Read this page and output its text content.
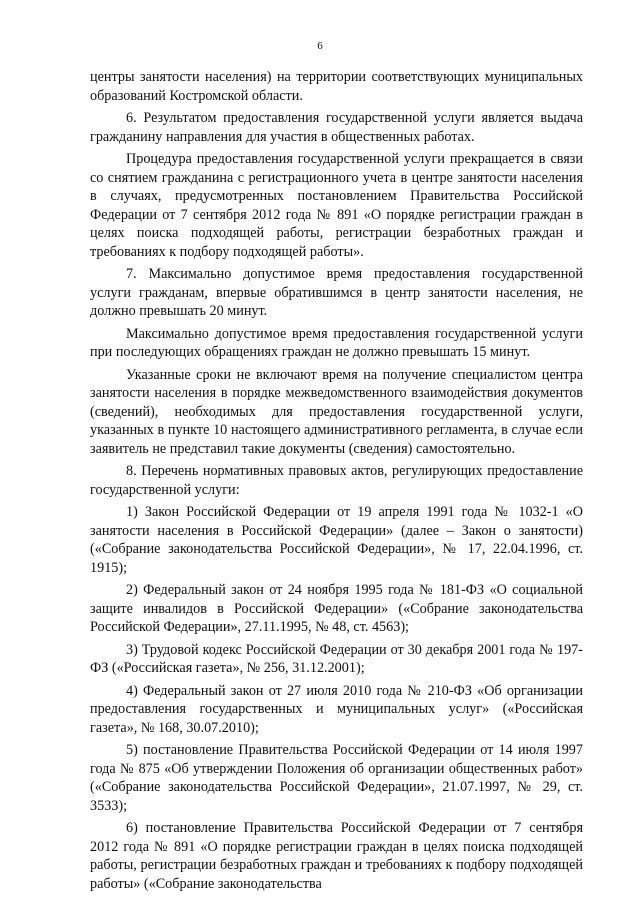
6

центры занятости населения) на территории соответствующих муниципальных образований Костромской области.

6. Результатом предоставления государственной услуги является выдача гражданину направления для участия в общественных работах.

Процедура предоставления государственной услуги прекращается в связи со снятием гражданина с регистрационного учета в центре занятости населения в случаях, предусмотренных постановлением Правительства Российской Федерации от 7 сентября 2012 года № 891 «О порядке регистрации граждан в целях поиска подходящей работы, регистрации безработных граждан и требованиях к подбору подходящей работы».

7. Максимально допустимое время предоставления государственной услуги гражданам, впервые обратившимся в центр занятости населения, не должно превышать 20 минут.

Максимально допустимое время предоставления государственной услуги при последующих обращениях граждан не должно превышать 15 минут.

Указанные сроки не включают время на получение специалистом центра занятости населения в порядке межведомственного взаимодействия документов (сведений), необходимых для предоставления государственной услуги, указанных в пункте 10 настоящего административного регламента, в случае если заявитель не представил такие документы (сведения) самостоятельно.

8. Перечень нормативных правовых актов, регулирующих предоставление государственной услуги:

1) Закон Российской Федерации от 19 апреля 1991 года № 1032-1 «О занятости населения в Российской Федерации» (далее – Закон о занятости) («Собрание законодательства Российской Федерации», № 17, 22.04.1996, ст. 1915);

2) Федеральный закон от 24 ноября 1995 года № 181-ФЗ «О социальной защите инвалидов в Российской Федерации» («Собрание законодательства Российской Федерации», 27.11.1995, № 48, ст. 4563);

3) Трудовой кодекс Российской Федерации от 30 декабря 2001 года № 197-ФЗ («Российская газета», № 256, 31.12.2001);

4) Федеральный закон от 27 июля 2010 года № 210-ФЗ «Об организации предоставления государственных и муниципальных услуг» («Российская газета», № 168, 30.07.2010);

5) постановление Правительства Российской Федерации от 14 июля 1997 года № 875 «Об утверждении Положения об организации общественных работ» («Собрание законодательства Российской Федерации», 21.07.1997, № 29, ст. 3533);

6) постановление Правительства Российской Федерации от 7 сентября 2012 года № 891 «О порядке регистрации граждан в целях поиска подходящей работы, регистрации безработных граждан и требованиях к подбору подходящей работы» («Собрание законодательства
